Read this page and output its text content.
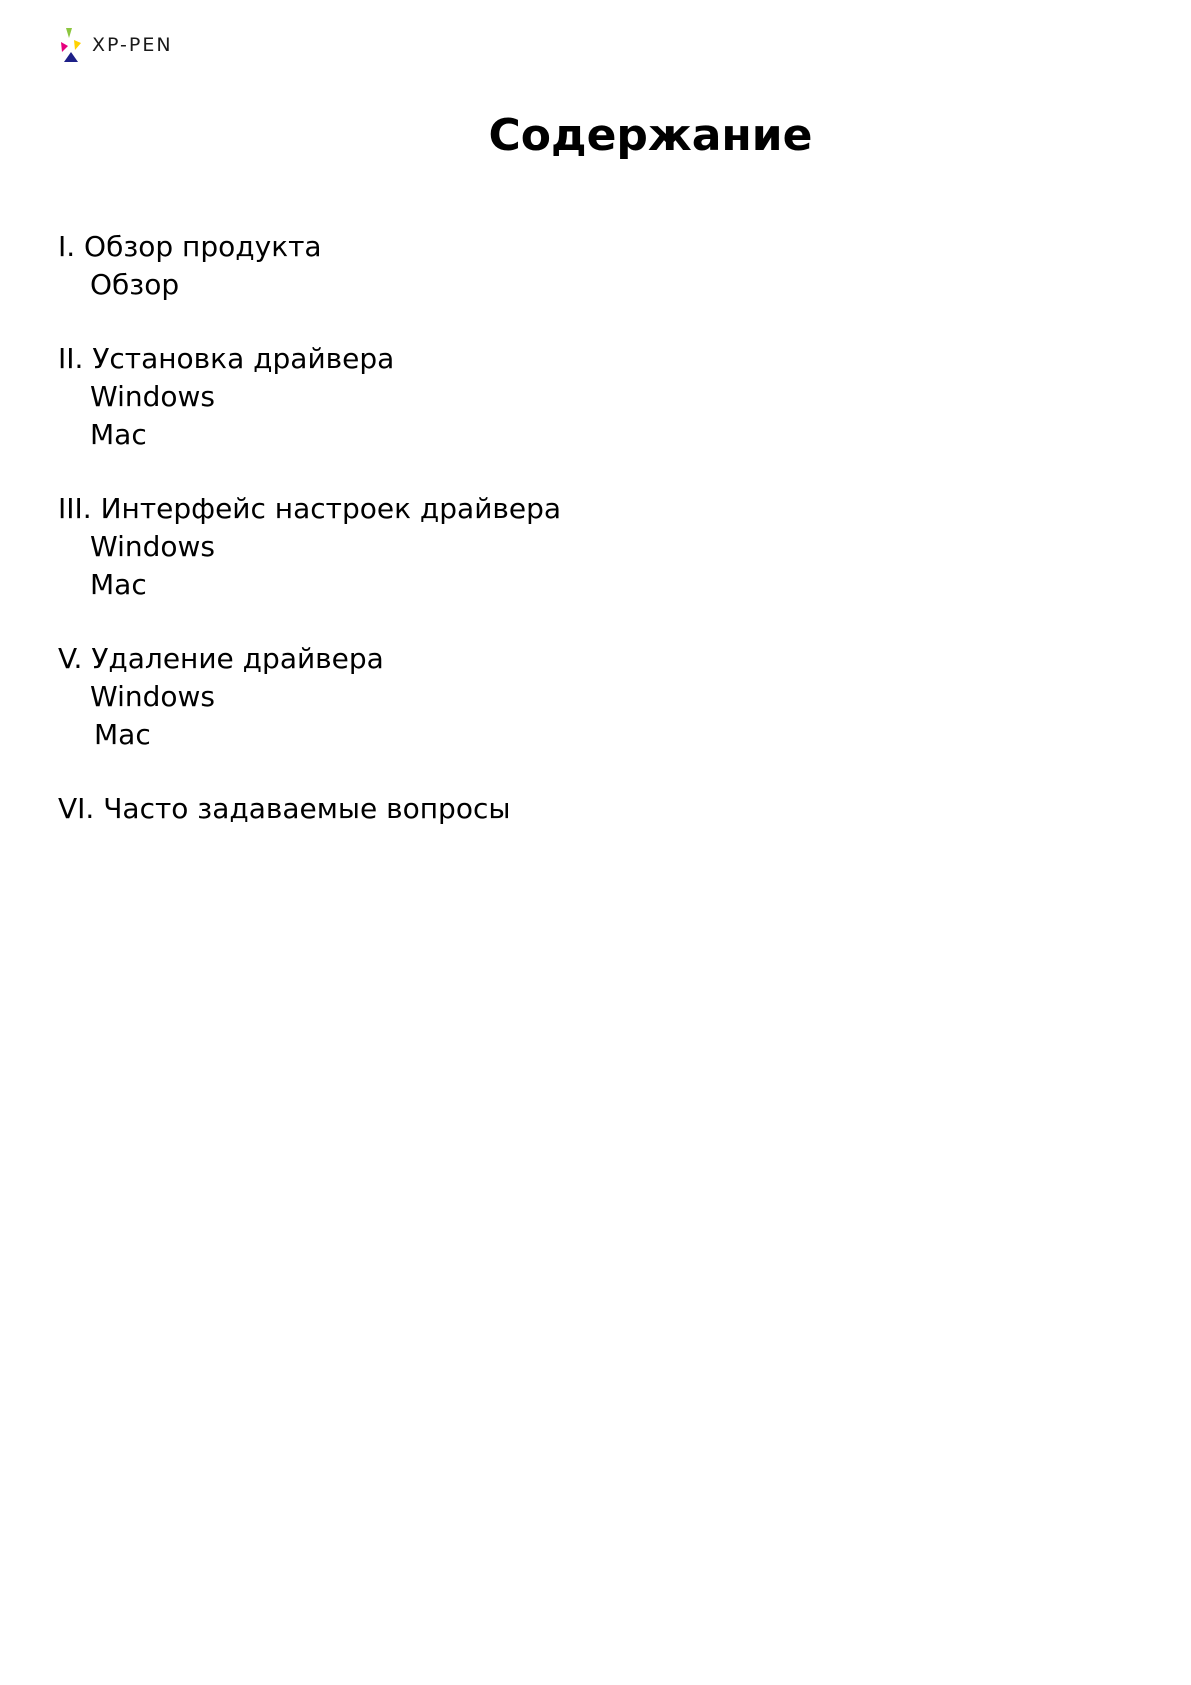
XP-PEN
Содержание
I. Обзор продукта
Обзор
II. Установка драйвера
Windows
Mac
III. Интерфейс настроек драйвера
Windows
Mac
V. Удаление драйвера
Windows
Mac
VI. Часто задаваемые вопросы
